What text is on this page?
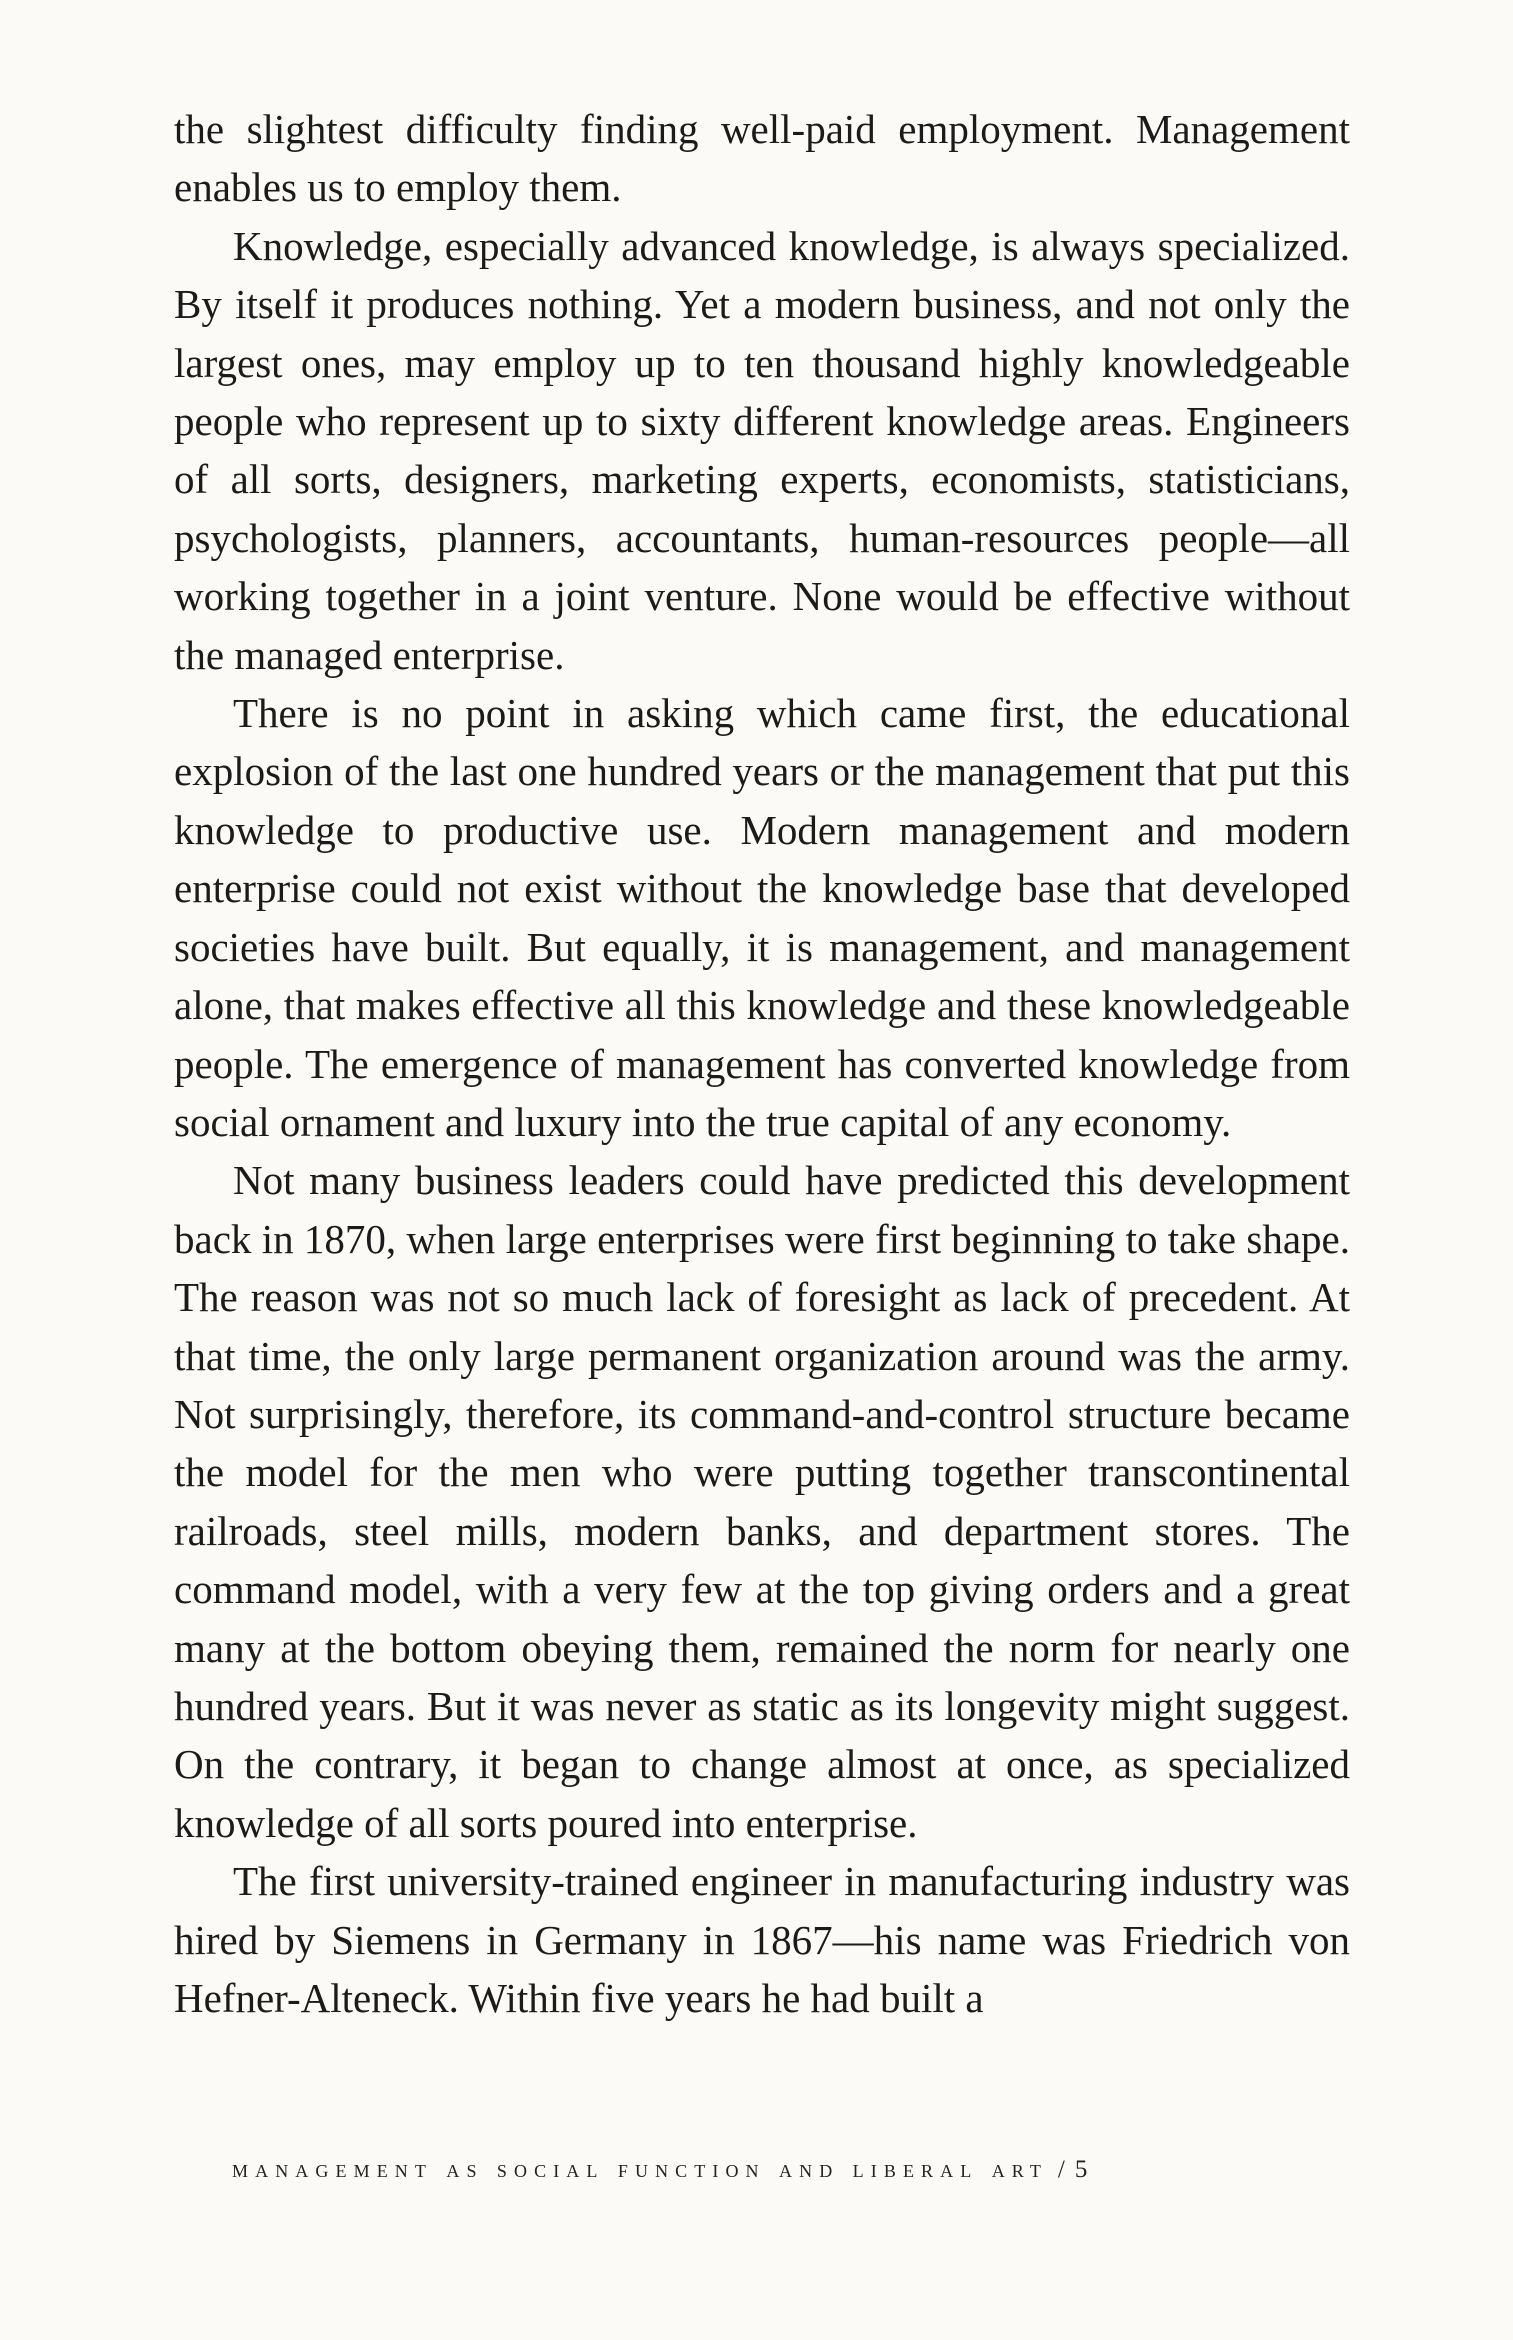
the slightest difficulty finding well-paid employment. Management enables us to employ them.

Knowledge, especially advanced knowledge, is always specialized. By itself it produces nothing. Yet a modern business, and not only the largest ones, may employ up to ten thousand highly knowledgeable people who represent up to sixty different knowledge areas. Engineers of all sorts, designers, marketing experts, economists, statisticians, psychologists, planners, accountants, human-resources people—all working together in a joint venture. None would be effective without the managed enterprise.

There is no point in asking which came first, the educational explosion of the last one hundred years or the management that put this knowledge to productive use. Modern management and modern enterprise could not exist without the knowledge base that developed societies have built. But equally, it is management, and management alone, that makes effective all this knowledge and these knowledgeable people. The emergence of management has converted knowledge from social ornament and luxury into the true capital of any economy.

Not many business leaders could have predicted this development back in 1870, when large enterprises were first beginning to take shape. The reason was not so much lack of foresight as lack of precedent. At that time, the only large permanent organization around was the army. Not surprisingly, therefore, its command-and-control structure became the model for the men who were putting together transcontinental railroads, steel mills, modern banks, and department stores. The command model, with a very few at the top giving orders and a great many at the bottom obeying them, remained the norm for nearly one hundred years. But it was never as static as its longevity might suggest. On the contrary, it began to change almost at once, as specialized knowledge of all sorts poured into enterprise.

The first university-trained engineer in manufacturing industry was hired by Siemens in Germany in 1867—his name was Friedrich von Hefner-Alteneck. Within five years he had built a

management as social function and liberal art / 5
